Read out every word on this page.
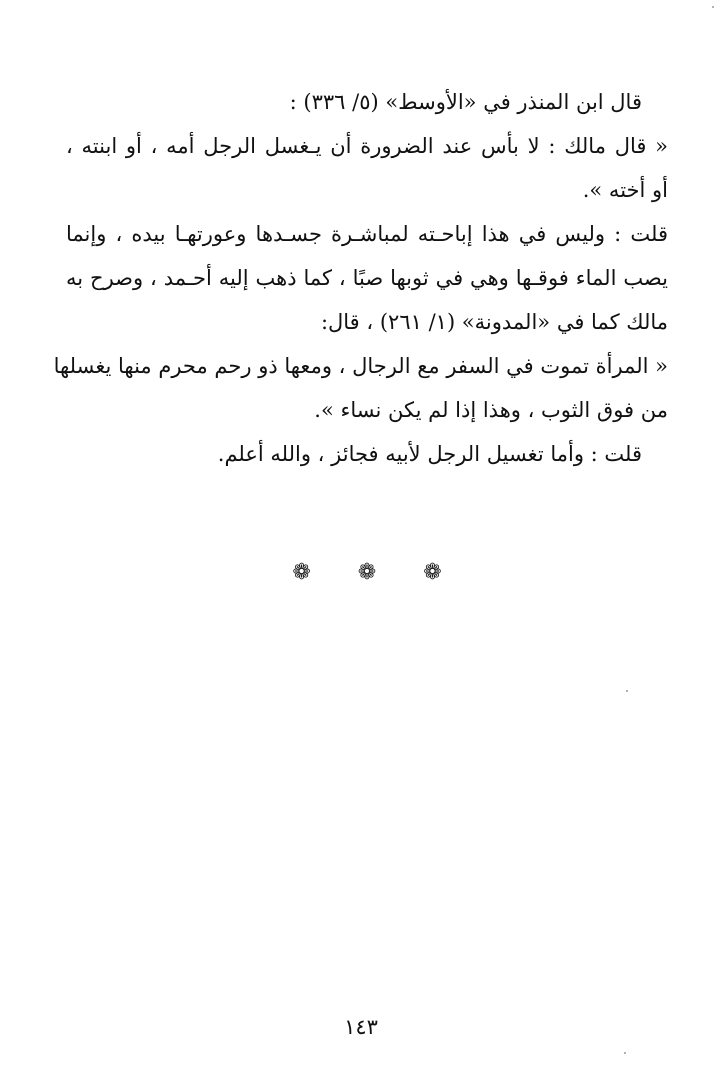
قال ابن المنذر في «الأوسط» (٥/ ٣٣٦) :
« قال مالك : لا بأس عند الضرورة أن يـغسل الرجل أمه ، أو ابنته ،
أو أخته ».
قلت : وليس في هذا إباحـته لمباشـرة جسـدها وعورتهـا بيده ، وإنما
يصب الماء فوقـها وهي في ثوبها صبًا ، كما ذهب إليه أحـمد ، وصرح به
مالك كما في «المدونة» (١/ ٢٦١) ، قال:
« المرأة تموت في السفر مع الرجال ، ومعها ذو رحم محرم منها يغسلها
من فوق الثوب ، وهذا إذا لم يكن نساء ».
قلت : وأما تغسيل الرجل لأبيه فجائز ، والله أعلم.
❁ ❁ ❁
١٤٣
